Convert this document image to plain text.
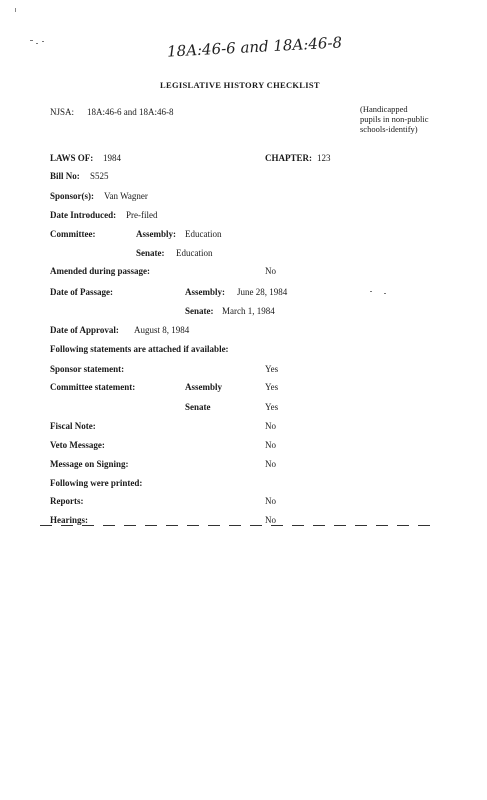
18A:46-6 and 18A:46-8
LEGISLATIVE HISTORY CHECKLIST
NJSA: 18A:46-6 and 18A:46-8	(Handicapped pupils in non-public schools-identify)
LAWS OF: 1984	CHAPTER: 123
Bill No: S525
Sponsor(s): Van Wagner
Date Introduced: Pre-filed
Committee:	Assembly: Education
Senate: Education
Amended during passage:	No
Date of Passage:	Assembly: June 28, 1984
Senate: March 1, 1984
Date of Approval: August 8, 1984
Following statements are attached if available:
Sponsor statement:	Yes
Committee statement:	Assembly	Yes
Senate	Yes
Fiscal Note:	No
Veto Message:	No
Message on Signing:	No
Following were printed:
Reports:	No
Hearings:	No
